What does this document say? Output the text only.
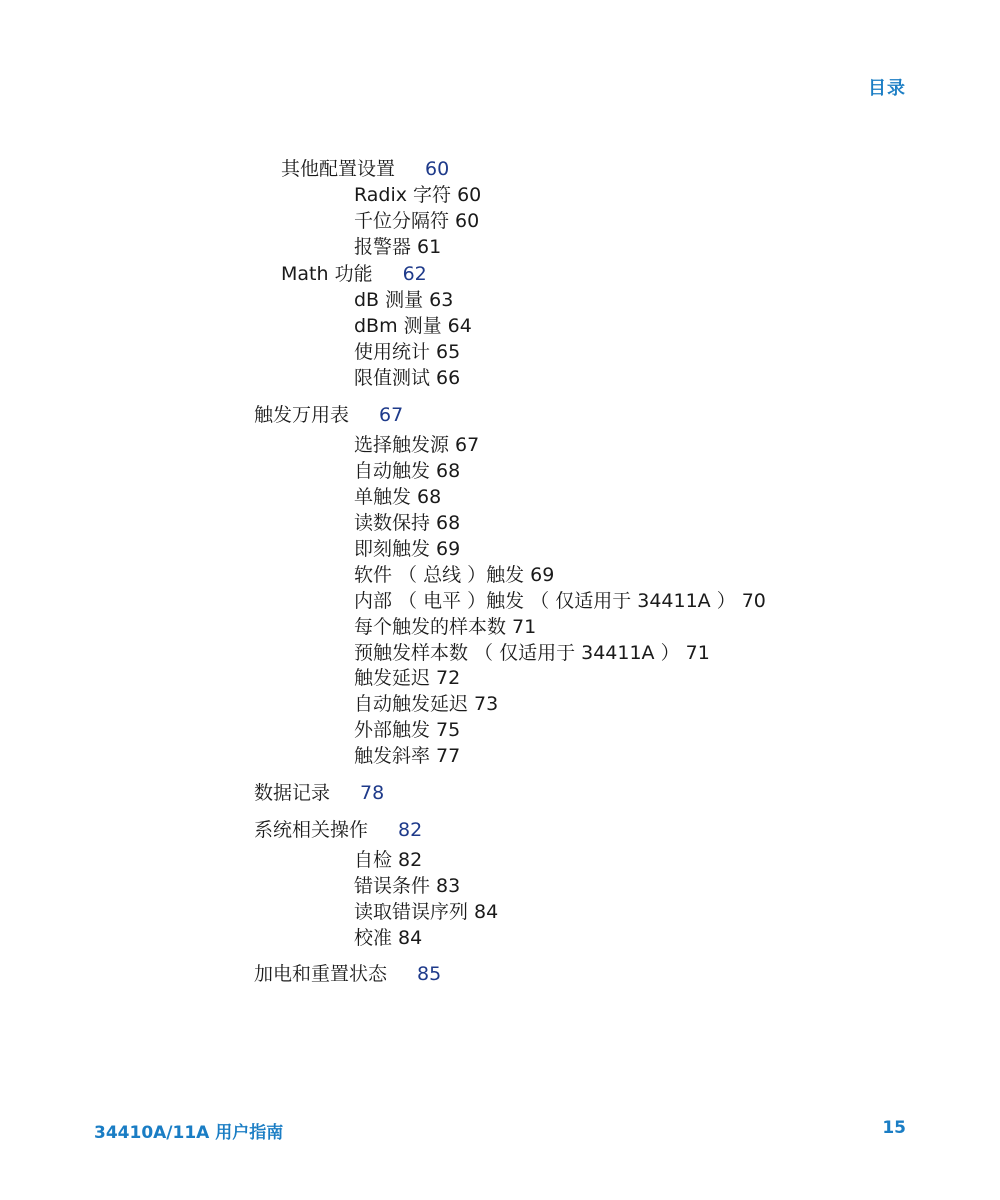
目录
其他配置设置 60
Radix 字符 60
千位分隔符 60
报警器 61
Math 功能 62
dB 测量 63
dBm 测量 64
使用统计 65
限值测试 66
触发万用表 67
选择触发源 67
自动触发 68
单触发 68
读数保持 68
即刻触发 69
软件 （ 总线 ）触发 69
内部 （ 电平 ）触发 （ 仅适用于 34411A ） 70
每个触发的样本数 71
预触发样本数 （ 仅适用于 34411A ） 71
触发延迟 72
自动触发延迟 73
外部触发 75
触发斜率 77
数据记录 78
系统相关操作 82
自检 82
错误条件 83
读取错误序列 84
校准 84
加电和重置状态 85
34410A/11A 用户指南	15
